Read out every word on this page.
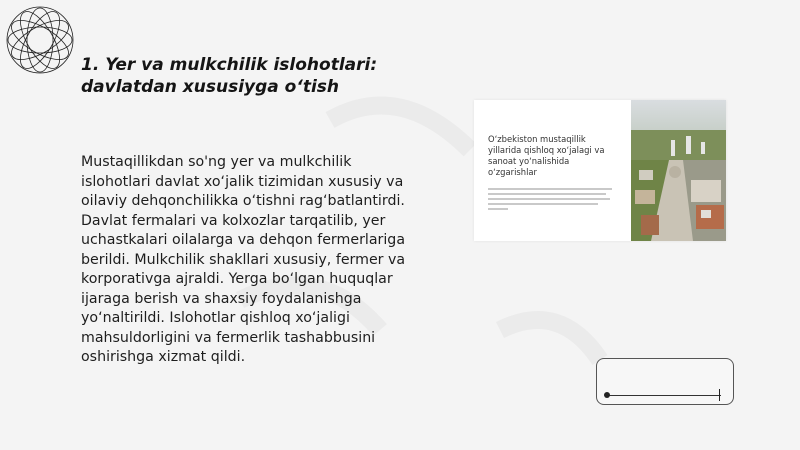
1. Yer va mulkchilik islohotlari:
davlatdan xususiyga o‘tish
Mustaqillikdan so'ng yer va mulkchilik islohotlari davlat xo‘jalik tizimidan xususiy va oilaviy dehqonchilikka o‘tishni rag‘batlantirdi. Davlat fermalari va kolxozlar tarqatilib, yer uchastkalari oilalarga va dehqon fermerlariga berildi. Mulkchilik shakllari xususiy, fermer va korporativga ajraldi. Yerga bo‘lgan huquqlar ijaraga berish va shaxsiy foydalanishga yo‘naltirildi. Islohotlar qishloq xo‘jaligi mahsuldorligini va fermerlik tashabbusini oshirishga xizmat qildi.
O‘zbekiston mustaqillik yillarida qishloq xo‘jalagi va sanoat yo‘nalishida o‘zgarishlar
